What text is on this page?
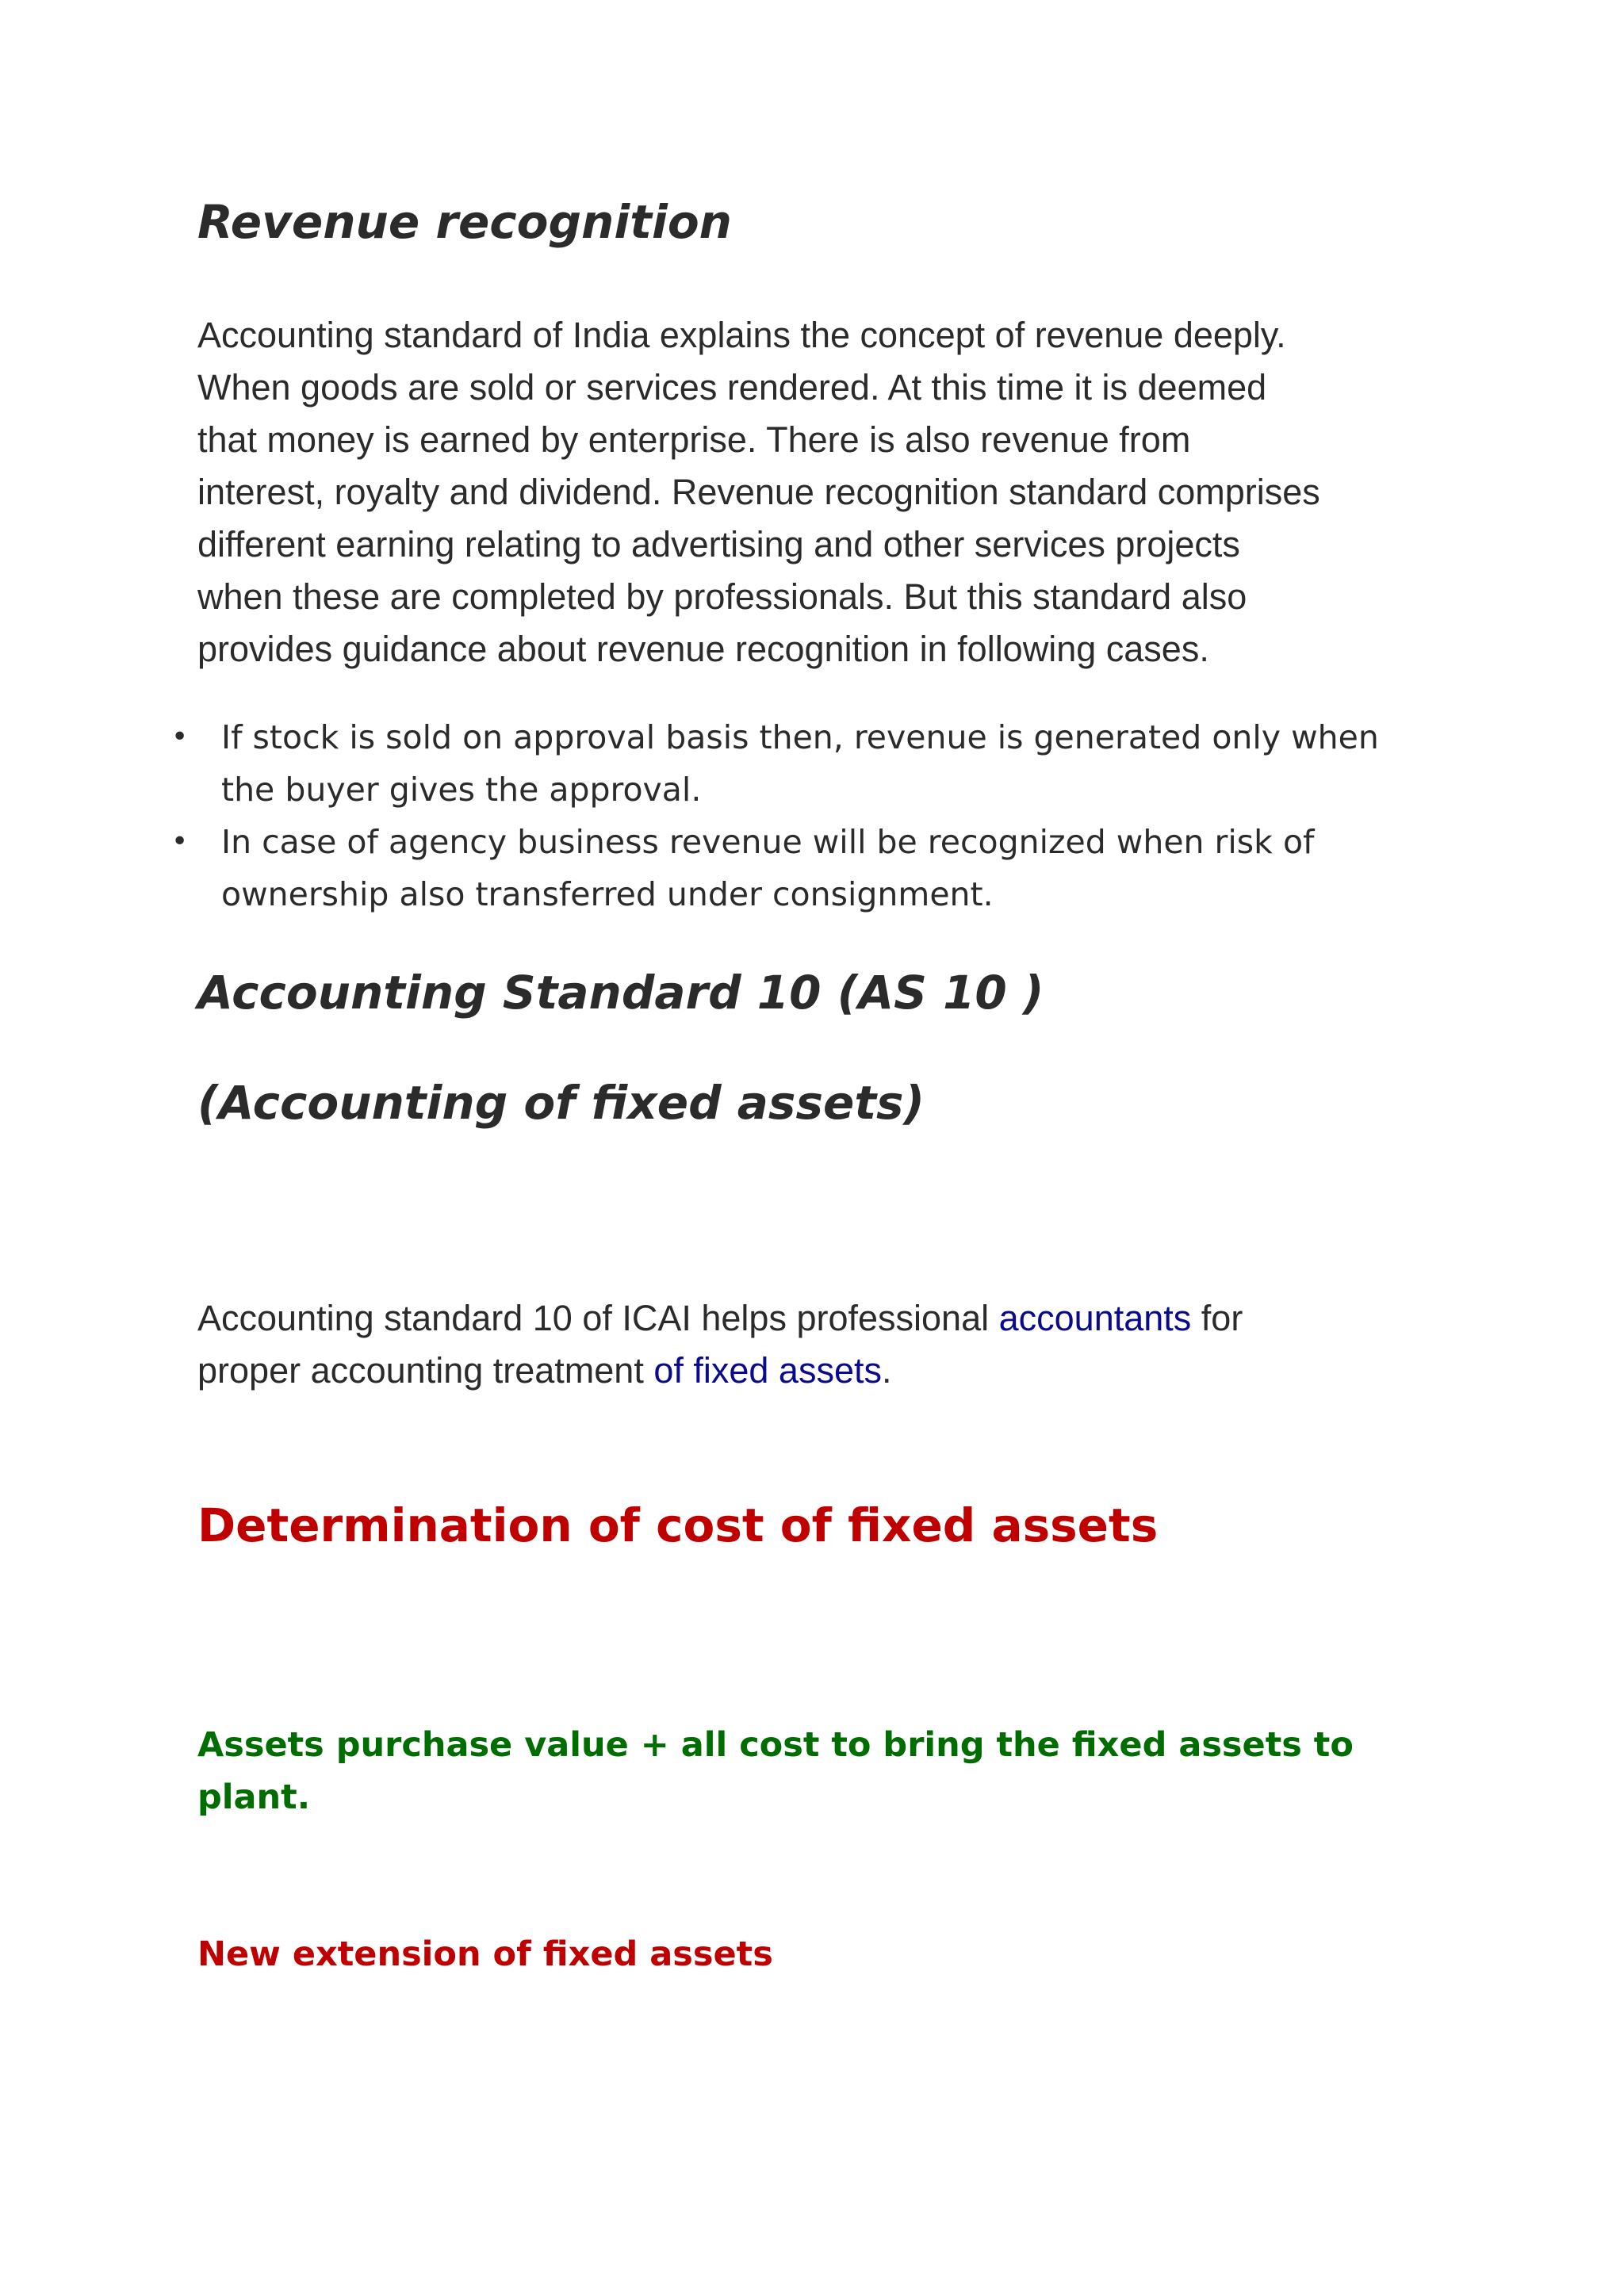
Revenue recognition

Accounting standard of India explains the concept of revenue deeply.

When goods are sold or services rendered. At this time it is deemed

that money is earned by enterprise. There is also revenue from

interest, royalty and dividend. Revenue recognition standard comprises

different earning relating to advertising and other services projects

when these are completed by professionals. But this standard also

provides guidance about revenue recognition in following cases.

• If stock is sold on approval basis then, revenue is generated only when
the buyer gives the approval.
• In case of agency business revenue will be recognized when risk of
ownership also transferred under consignment.
Accounting Standard 10 (AS 10 )
(Accounting of fixed assets)

Accounting standard 10 of ICAI helps professional accountants for

proper accounting treatment of fixed assets.

Determination of cost of fixed assets
Assets purchase value + all cost to bring the fixed assets to
plant.
New extension of fixed assets
